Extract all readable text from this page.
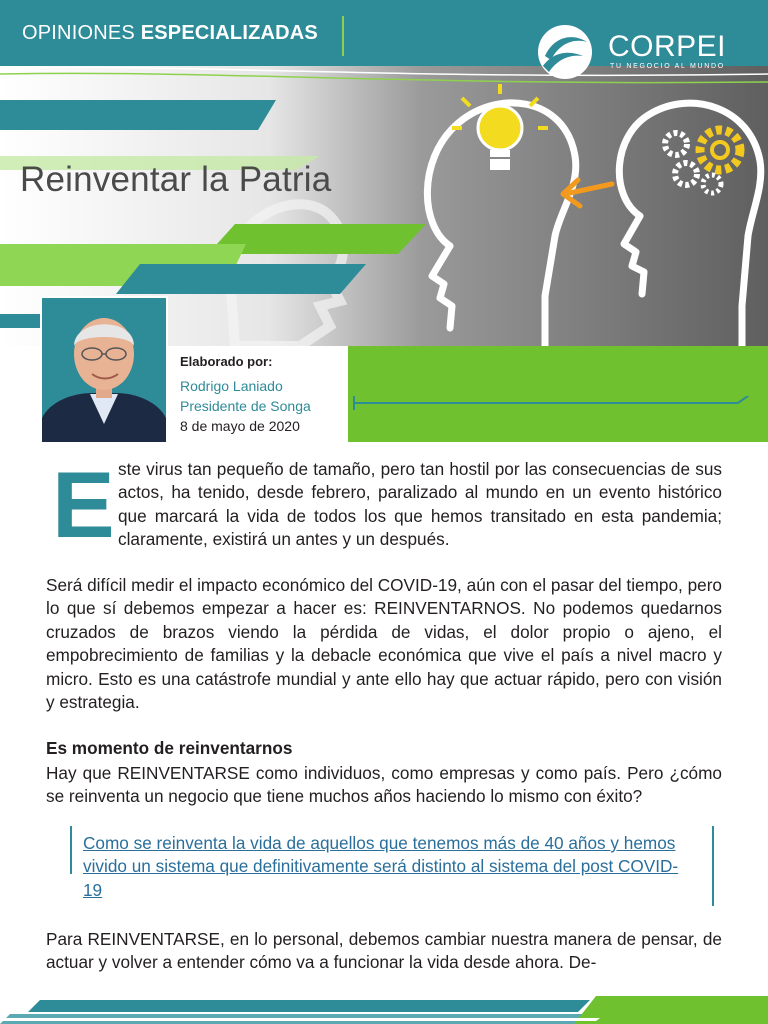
OPINIONES ESPECIALIZADAS	CORPEI
TU NEGOCIO AL MUNDO
Reinventar la Patria
Elaborado por:
Rodrigo Laniado
Presidente de Songa
8 de mayo de 2020
E ste virus tan pequeño de tamaño, pero tan hostil por las consecuencias de sus actos, ha tenido, desde febrero, paralizado al mundo en un evento histórico que marcará la vida de todos los que hemos transitado en esta pandemia; claramente, existirá un antes y un después.

Será difícil medir el impacto económico del COVID-19, aún con el pasar del tiempo, pero lo que sí debemos empezar a hacer es: REINVENTARNOS. No podemos quedarnos cruzados de brazos viendo la pérdida de vidas, el dolor propio o ajeno, el empobrecimiento de familias y la debacle económica que vive el país a nivel macro y micro. Esto es una catástrofe mundial y ante ello hay que actuar rápido, pero con visión y estrategia.

Es momento de reinventarnos

Hay que REINVENTARSE como individuos, como empresas y como país. Pero ¿cómo se reinventa un negocio que tiene muchos años haciendo lo mismo con éxito?

Como se reinventa la vida de aquellos que tenemos más de 40 años y hemos vivido un sistema que definitivamente será distinto al sistema del post COVID-19

Para REINVENTARSE, en lo personal, debemos cambiar nuestra manera de pensar, de actuar y volver a entender cómo va a funcionar la vida desde ahora. De-
